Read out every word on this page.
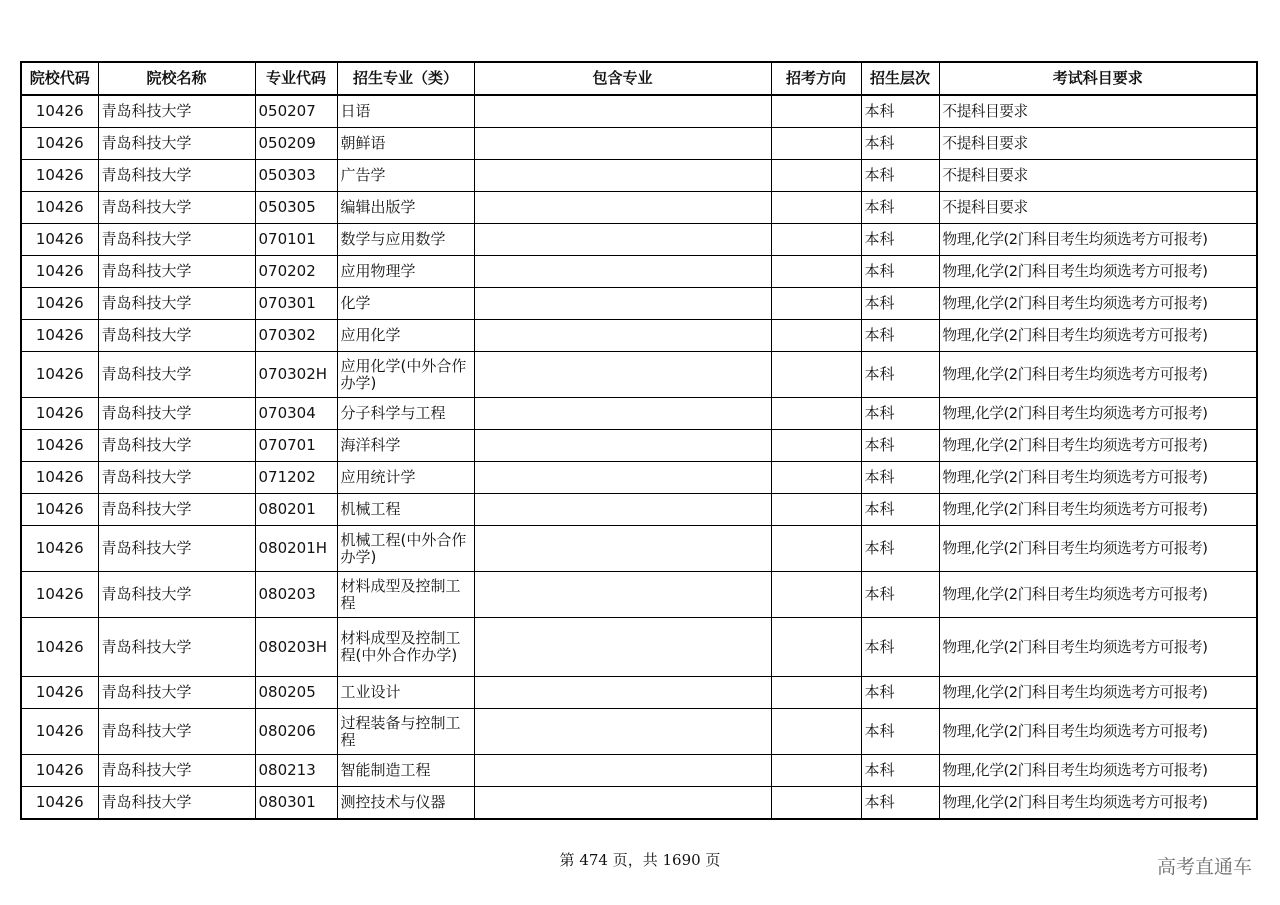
院校代码	院校名称	专业代码	招生专业（类）	包含专业	招考方向	招生层次	考试科目要求
10426	青岛科技大学	050207	日语			本科	不提科目要求
10426	青岛科技大学	050209	朝鲜语			本科	不提科目要求
10426	青岛科技大学	050303	广告学			本科	不提科目要求
10426	青岛科技大学	050305	编辑出版学			本科	不提科目要求
10426	青岛科技大学	070101	数学与应用数学			本科	物理,化学(2门科目考生均须选考方可报考)
10426	青岛科技大学	070202	应用物理学			本科	物理,化学(2门科目考生均须选考方可报考)
10426	青岛科技大学	070301	化学			本科	物理,化学(2门科目考生均须选考方可报考)
10426	青岛科技大学	070302	应用化学			本科	物理,化学(2门科目考生均须选考方可报考)
10426	青岛科技大学	070302H	应用化学(中外合作办学)			本科	物理,化学(2门科目考生均须选考方可报考)
10426	青岛科技大学	070304	分子科学与工程			本科	物理,化学(2门科目考生均须选考方可报考)
10426	青岛科技大学	070701	海洋科学			本科	物理,化学(2门科目考生均须选考方可报考)
10426	青岛科技大学	071202	应用统计学			本科	物理,化学(2门科目考生均须选考方可报考)
10426	青岛科技大学	080201	机械工程			本科	物理,化学(2门科目考生均须选考方可报考)
10426	青岛科技大学	080201H	机械工程(中外合作办学)			本科	物理,化学(2门科目考生均须选考方可报考)
10426	青岛科技大学	080203	材料成型及控制工程			本科	物理,化学(2门科目考生均须选考方可报考)
10426	青岛科技大学	080203H	材料成型及控制工程(中外合作办学)			本科	物理,化学(2门科目考生均须选考方可报考)
10426	青岛科技大学	080205	工业设计			本科	物理,化学(2门科目考生均须选考方可报考)
10426	青岛科技大学	080206	过程装备与控制工程			本科	物理,化学(2门科目考生均须选考方可报考)
10426	青岛科技大学	080213	智能制造工程			本科	物理,化学(2门科目考生均须选考方可报考)
10426	青岛科技大学	080301	测控技术与仪器			本科	物理,化学(2门科目考生均须选考方可报考)
第 474 页，共 1690 页	高考直通车
